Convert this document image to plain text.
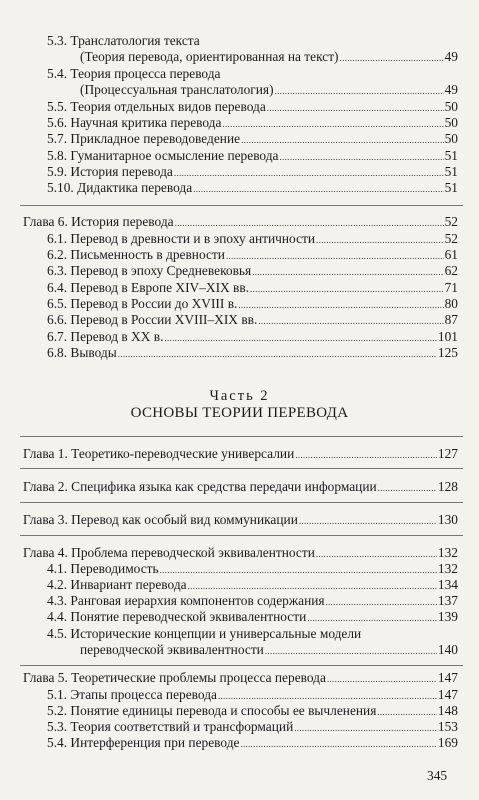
5.3. Транслатология текста
(Теория перевода, ориентированная на текст) .....	49
5.4. Теория процесса перевода
(Процессуальная транслатология) .....	49
5.5. Теория отдельных видов перевода .....	50
5.6. Научная критика перевода .....	50
5.7. Прикладное переводоведение .....	50
5.8. Гуманитарное осмысление перевода .....	51
5.9. История перевода .....	51
5.10. Дидактика перевода .....	51
Глава 6. История перевода .....	52
6.1. Перевод в древности и в эпоху античности .....	52
6.2. Письменность в древности .....	61
6.3. Перевод в эпоху Средневековья .....	62
6.4. Перевод в Европе XIV–XIX вв. .....	71
6.5. Перевод в России до XVIII в. .....	80
6.6. Перевод в России XVIII–XIX вв. .....	87
6.7. Перевод в XX в. .....	101
6.8. Выводы .....	125
Часть 2
ОСНОВЫ ТЕОРИИ ПЕРЕВОДА
Глава 1. Теоретико-переводческие универсалии .....	127
Глава 2. Специфика языка как средства передачи информации .....	128
Глава 3. Перевод как особый вид коммуникации .....	130
Глава 4. Проблема переводческой эквивалентности .....	132
4.1. Переводимость .....	132
4.2. Инвариант перевода .....	134
4.3. Ранговая иерархия компонентов содержания .....	137
4.4. Понятие переводческой эквивалентности .....	139
4.5. Исторические концепции и универсальные модели
переводческой эквивалентности .....	140
Глава 5. Теоретические проблемы процесса перевода .....	147
5.1. Этапы процесса перевода .....	147
5.2. Понятие единицы перевода и способы ее вычленения .....	148
5.3. Теория соответствий и трансформаций .....	153
5.4. Интерференция при переводе .....	169
345
